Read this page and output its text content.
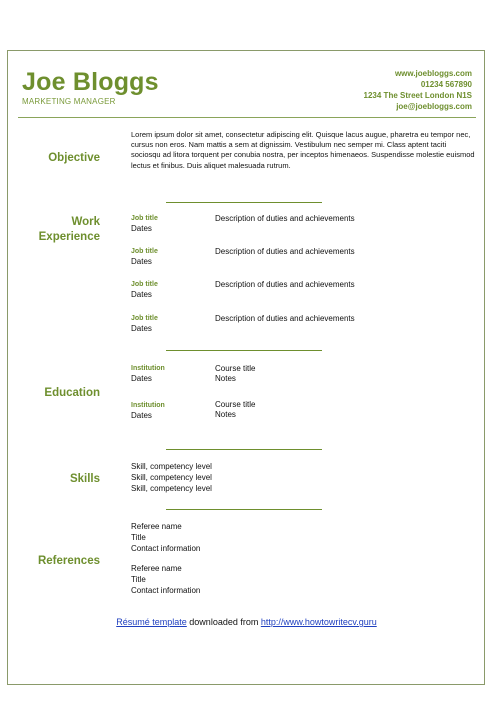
Joe Bloggs
MARKETING MANAGER
www.joebloggs.com
01234 567890
1234 The Street London N1S
joe@joebloggs.com
Objective
Lorem ipsum dolor sit amet, consectetur adipiscing elit. Quisque lacus augue, pharetra eu tempor nec, cursus non eros. Nam mattis a sem at dignissim. Vestibulum nec semper mi. Class aptent taciti sociosqu ad litora torquent per conubia nostra, per inceptos himenaeos. Suspendisse molestie euismod lectus et finibus. Duis aliquet malesuada rutrum.
Work
Experience
Job title
Dates
Description of duties and achievements
Job title
Dates
Description of duties and achievements
Job title
Dates
Description of duties and achievements
Job title
Dates
Description of duties and achievements
Education
Institution
Dates
Course title
Notes
Institution
Dates
Course title
Notes
Skills
Skill, competency level
Skill, competency level
Skill, competency level
References
Referee name
Title
Contact information
Referee name
Title
Contact information
Résumé template downloaded from http://www.howtowritecv.guru
